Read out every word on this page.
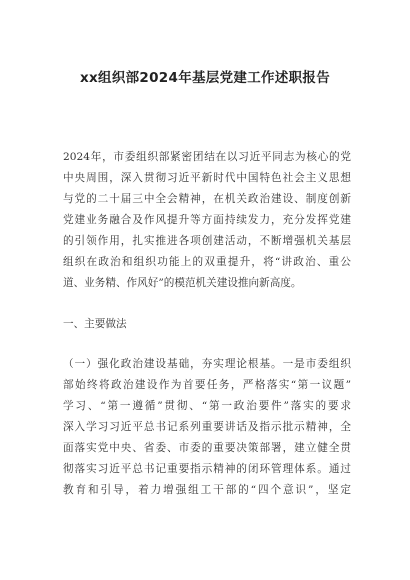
xx组织部2024年基层党建工作述职报告
2024年，市委组织部紧密团结在以习近平同志为核心的党
中央周围，深入贯彻习近平新时代中国特色社会主义思想
与党的二十届三中全会精神，在机关政治建设、制度创新
党建业务融合及作风提升等方面持续发力，充分发挥党建
的引领作用，扎实推进各项创建活动，不断增强机关基层
组织在政治和组织功能上的双重提升，将“讲政治、重公
道、业务精、作风好”的模范机关建设推向新高度。
一、主要做法
（一）强化政治建设基础，夯实理论根基。一是市委组织
部始终将政治建设作为首要任务，严格落实“第一议题”
学习、“第一遵循”贯彻、“第一政治要件”落实的要求
深入学习习近平总书记系列重要讲话及指示批示精神，全
面落实党中央、省委、市委的重要决策部署，建立健全贯
彻落实习近平总书记重要指示精神的闭环管理体系。通过
教育和引导，着力增强组工干部的“四个意识”，坚定
